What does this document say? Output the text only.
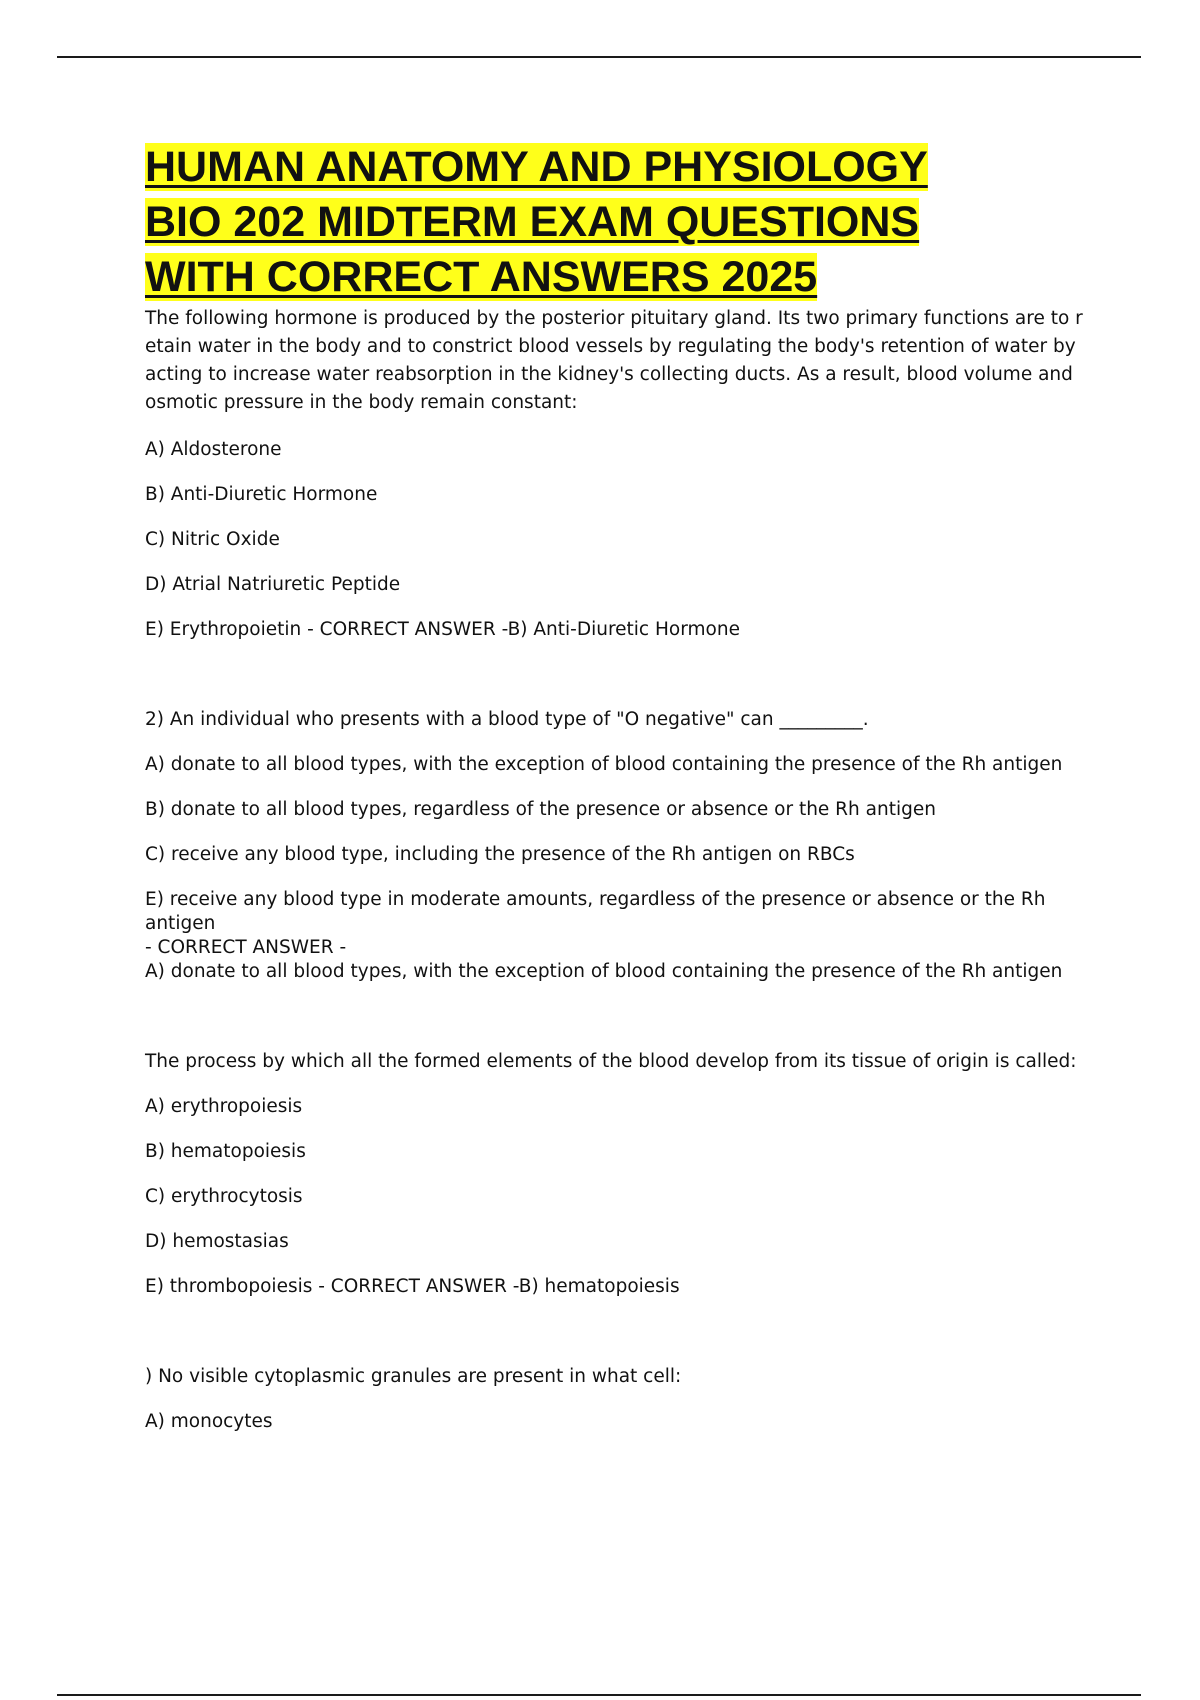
HUMAN ANATOMY AND PHYSIOLOGY
BIO 202 MIDTERM EXAM QUESTIONS
WITH CORRECT ANSWERS 2025

The following hormone is produced by the posterior pituitary gland. Its two primary functions are to retain water in the body and to constrict blood vessels by regulating the body's retention of water by acting to increase water reabsorption in the kidney's collecting ducts. As a result, blood volume and osmotic pressure in the body remain constant:

A) Aldosterone

B) Anti-Diuretic Hormone

C) Nitric Oxide

D) Atrial Natriuretic Peptide

E) Erythropoietin - CORRECT ANSWER -B) Anti-Diuretic Hormone

2) An individual who presents with a blood type of "O negative" can _________.

A) donate to all blood types, with the exception of blood containing the presence of the Rh antigen

B) donate to all blood types, regardless of the presence or absence or the Rh antigen

C) receive any blood type, including the presence of the Rh antigen on RBCs

E) receive any blood type in moderate amounts, regardless of the presence or absence or the Rh antigen

- CORRECT ANSWER -

A) donate to all blood types, with the exception of blood containing the presence of the Rh antigen

The process by which all the formed elements of the blood develop from its tissue of origin is called:

A) erythropoiesis

B) hematopoiesis

C) erythrocytosis

D) hemostasias

E) thrombopoiesis - CORRECT ANSWER -B) hematopoiesis

) No visible cytoplasmic granules are present in what cell:

A) monocytes
